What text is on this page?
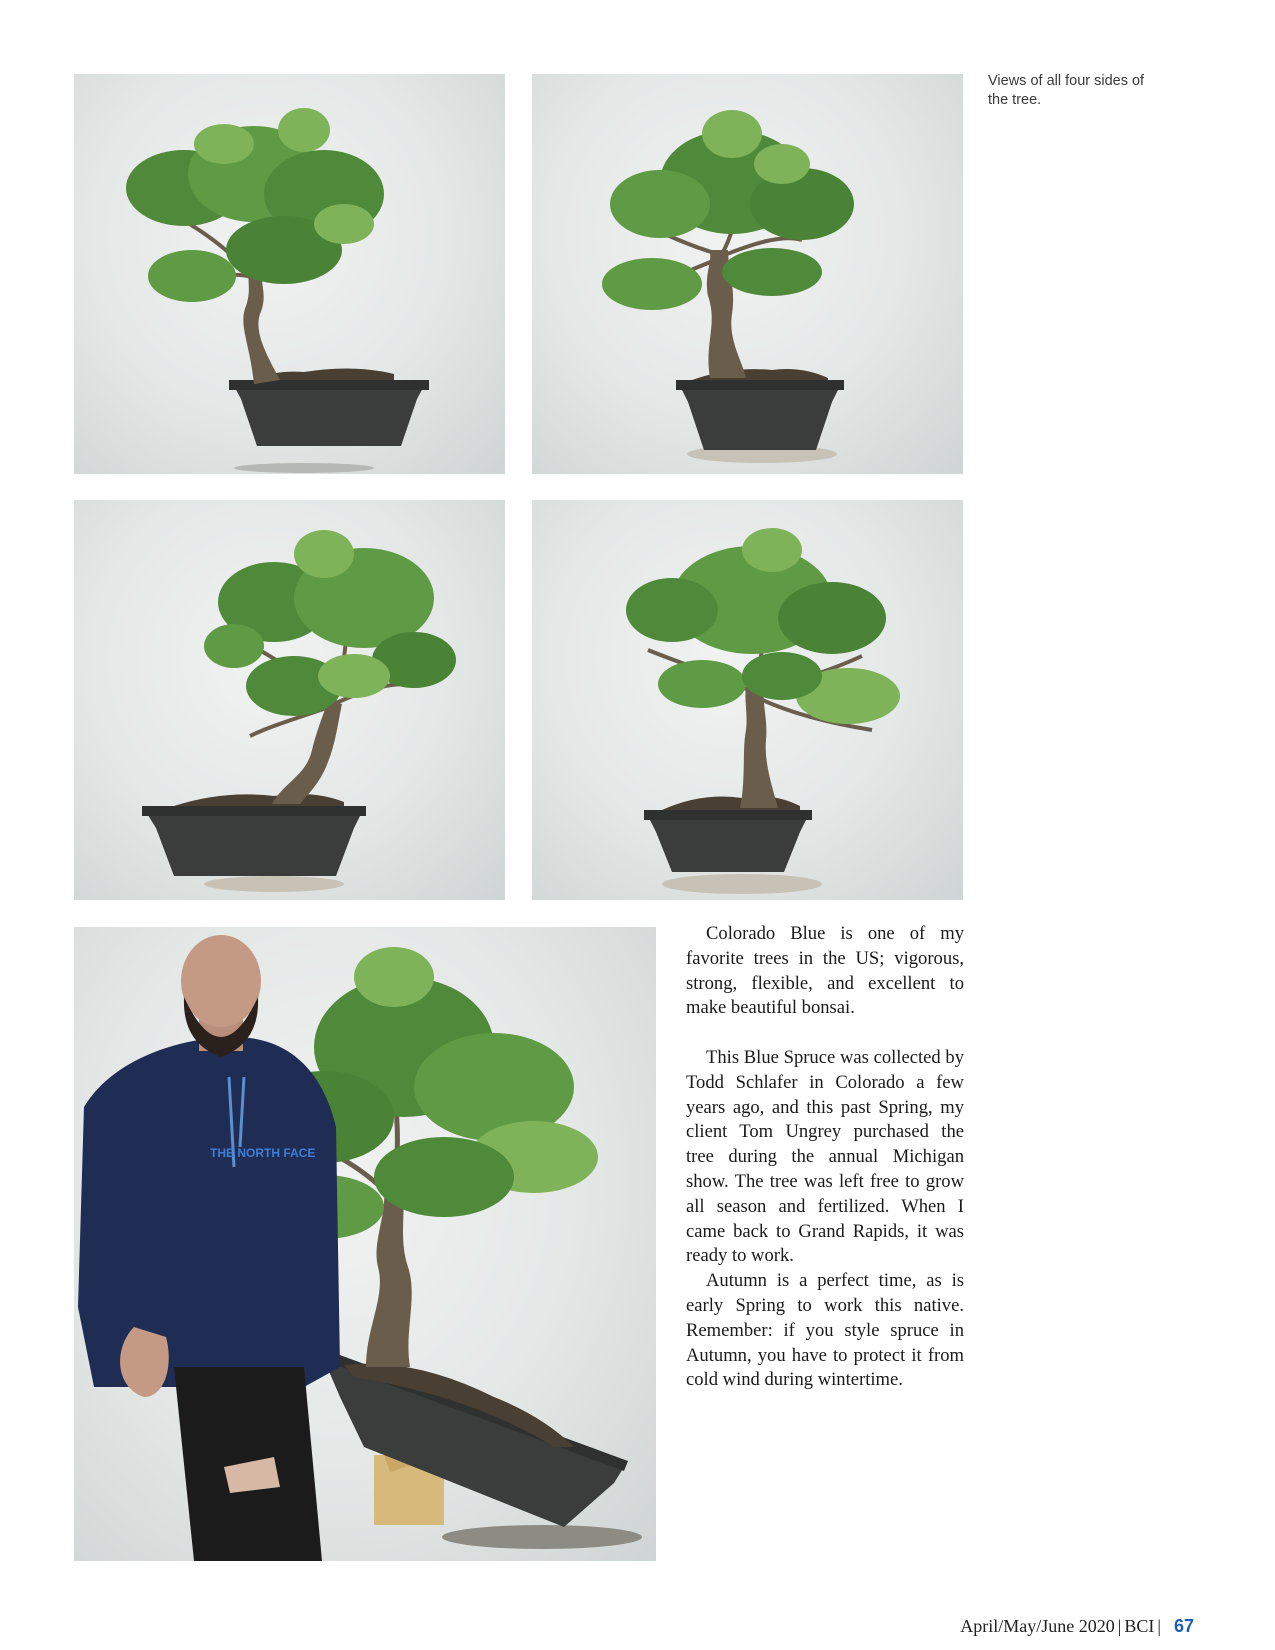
THE NORTH FACE

Views of all four sides of the tree.

Colorado Blue is one of my favorite trees in the US; vigorous, strong, flexible, and excellent to make beautiful bonsai.

This Blue Spruce was collected by Todd Schlafer in Colorado a few years ago, and this past Spring, my client Tom Ungrey purchased the tree during the annual Michigan show. The tree was left free to grow all season and fertilized. When I came back to Grand Rapids, it was ready to work.

Autumn is a perfect time, as is early Spring to work this native. Remember: if you style spruce in Autumn, you have to protect it from cold wind during wintertime.

April/May/June 2020 | BCI | 67
